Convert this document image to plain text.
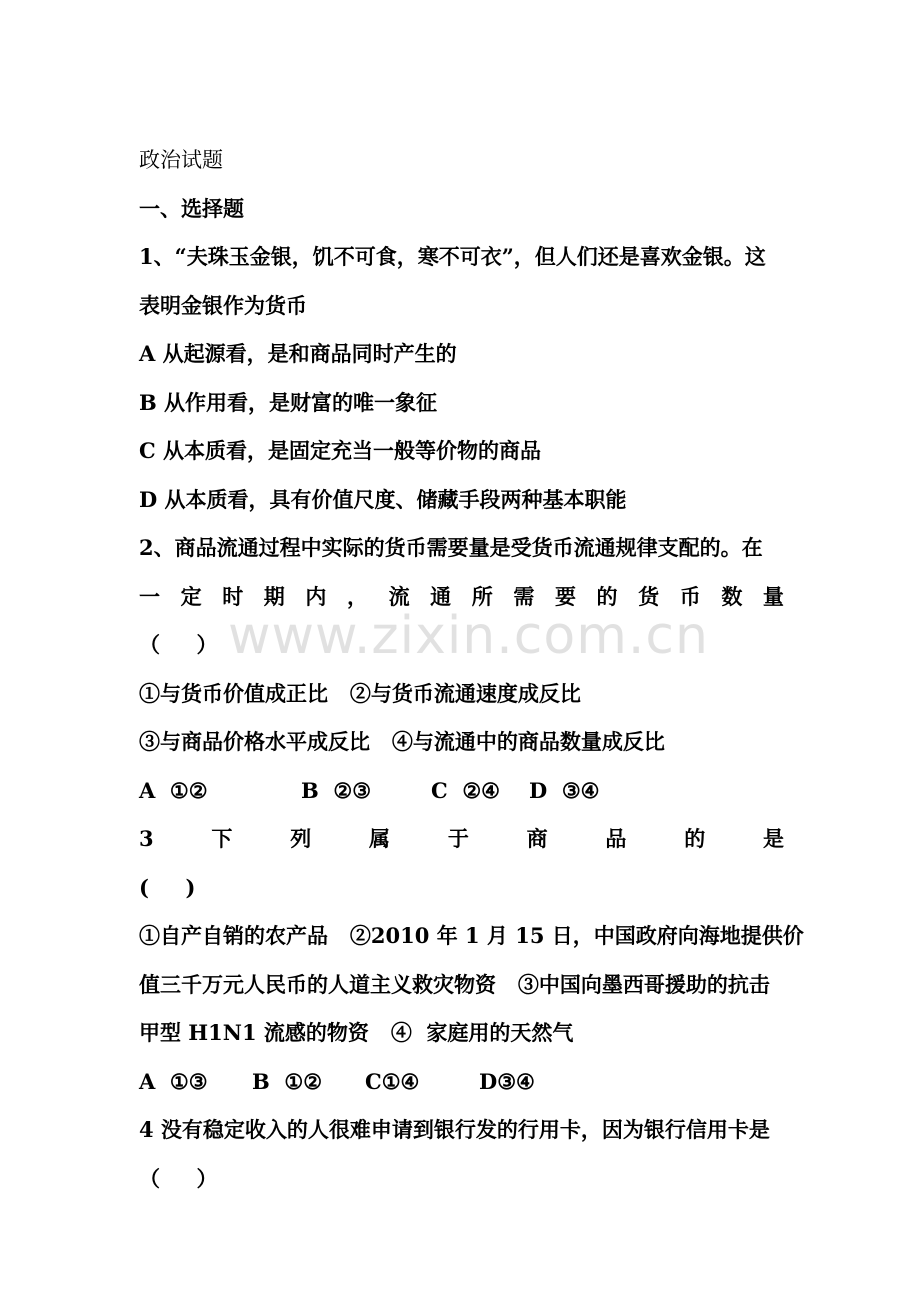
政治试题
一、选择题
1、“夫珠玉金银，饥不可食，寒不可衣”，但人们还是喜欢金银。这
表明金银作为货币
A 从起源看，是和商品同时产生的
B 从作用看，是财富的唯一象征
C 从本质看，是固定充当一般等价物的商品
D 从本质看，具有价值尺度、储藏手段两种基本职能
2、商品流通过程中实际的货币需要量是受货币流通规律支配的。在
一 定 时 期 内 ， 流 通 所 需 要 的 货 币 数 量
（     ）
①与货币价值成正比   ②与货币流通速度成反比
③与商品价格水平成反比   ④与流通中的商品数量成反比
A  ①②	B  ②③	C  ②④ D  ③④
3	下	列	属	于	商	品	的	是
(     )
①自产自销的农产品   ②2010 年 1 月 15 日，中国政府向海地提供价
值三千万元人民币的人道主义救灾物资   ③中国向墨西哥援助的抗击
甲型 H1N1 流感的物资   ④  家庭用的天然气
A  ①③ B  ①② C①④	D③④
4 没有稳定收入的人很难申请到银行发的行用卡，因为银行信用卡是
（     ）
www.zixin.com.cn
